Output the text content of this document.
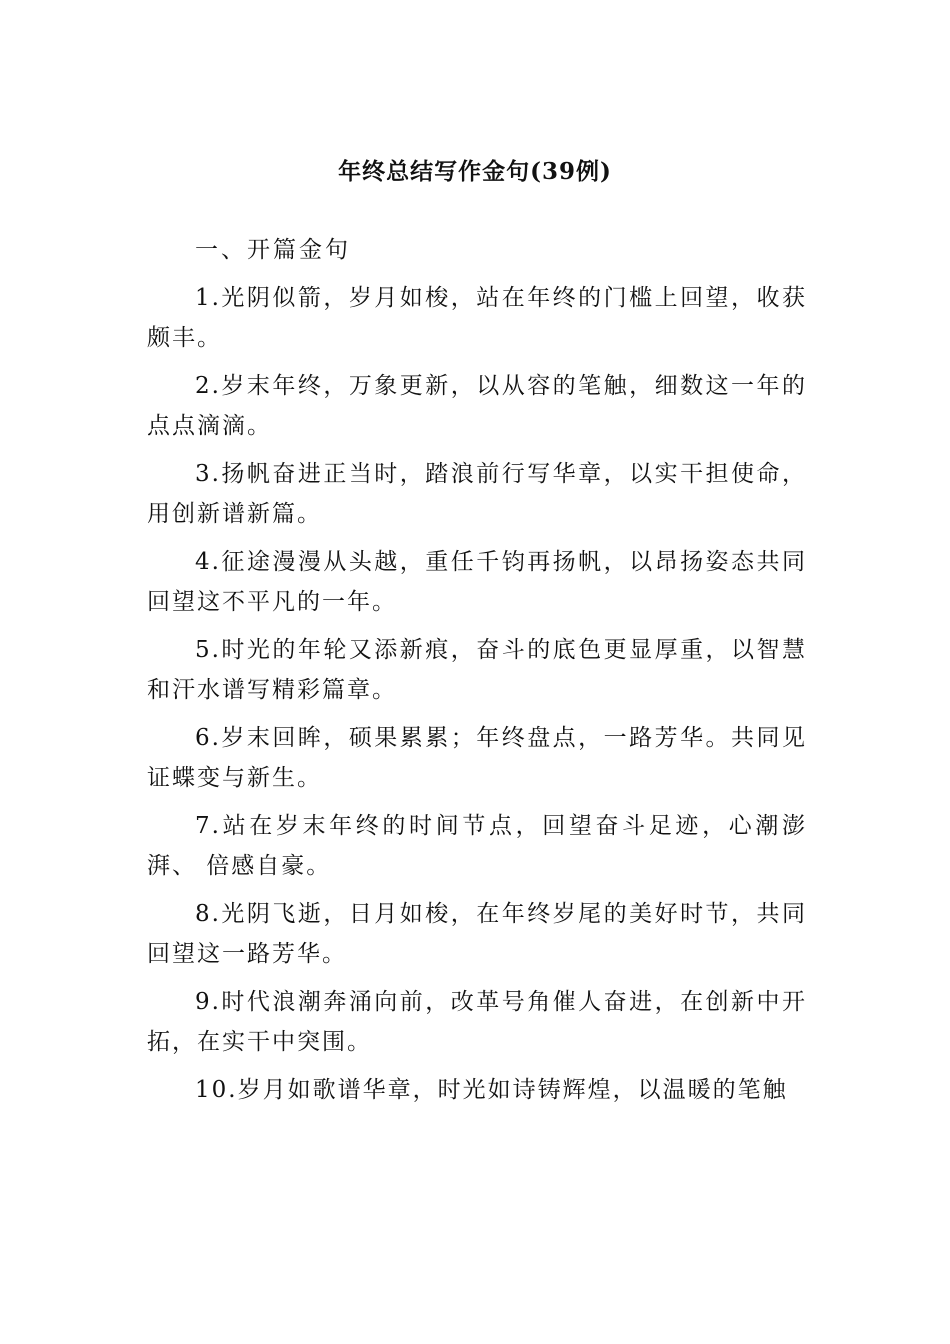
年终总结写作金句(39例)

一、开篇金句

1.光阴似箭，岁月如梭，站在年终的门槛上回望，收获颇丰。

2.岁末年终，万象更新，以从容的笔触，细数这一年的点点滴滴。

3.扬帆奋进正当时，踏浪前行写华章，以实干担使命，用创新谱新篇。

4.征途漫漫从头越，重任千钧再扬帆，以昂扬姿态共同回望这不平凡的一年。

5.时光的年轮又添新痕，奋斗的底色更显厚重，以智慧 和汗水谱写精彩篇章。

6.岁末回眸，硕果累累；年终盘点，一路芳华。共同见证蝶变与新生。

7.站在岁末年终的时间节点，回望奋斗足迹，心潮澎湃、 倍感自豪。

8.光阴飞逝，日月如梭，在年终岁尾的美好时节，共同回望这一路芳华。

9.时代浪潮奔涌向前，改革号角催人奋进，在创新中开 拓，在实干中突围。

10.岁月如歌谱华章，时光如诗铸辉煌，以温暖的笔触
